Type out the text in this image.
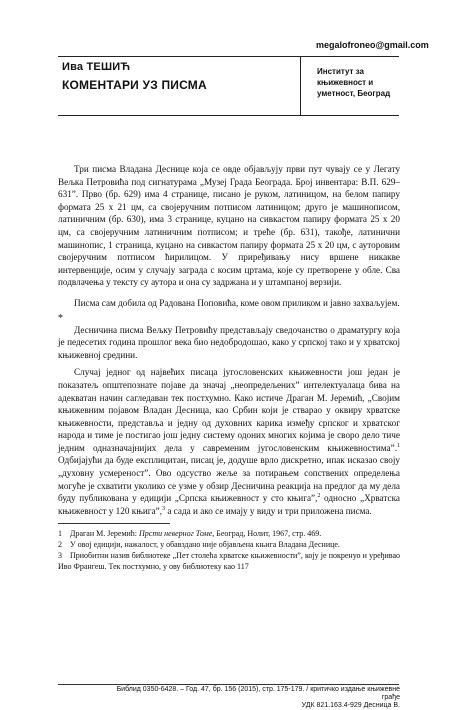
megalofroneo@gmail.com
Ива ТЕШИЋ
КОМЕНТАРИ УЗ ПИСМА
Институт за
књижевност и
уметност, Београд

Три писма Владана Деснице која се овде објављују први пут чувају се у Легату Вељка Петровића под сигнатурама „Музеј Града Београда. Број инвентара: В.П. 629–631”. Прво (бр. 629) има 4 странице, писано је руком, латиницом, на белом папиру формата 25 х 21 цм, са својеручним потписом латиницом; друго је машинописом, латиничним (бр. 630), има 3 странице, куцано на сивкастом папиру формата 25 х 20 цм, са својеручним латиничним потписом; и треће (бр. 631), такође, латинични машинопис, 1 страница, куцано на сивкастом папиру формата 25 х 20 цм, с ауторовим својеручним потписом ћирилицом. У приређивању нису вршене никакве интервенције, осим у случају заграда с косим цртама, које су претворене у обле. Сва подвлачења у тексту су аутора и она су задржана и у штампаној верзији.

Писма сам добила од Радована Поповића, коме овом приликом и јавно захваљујем.

*

Десничина писма Вељку Петровићу представљају сведочанство о драматургу која је педесетих година прошлог века био недобродошао, како у српској тако и у хрватској књижевној средини.

Случај једног од највећих писаца југословенских књижевности још један је показатељ општепознате појаве да значај „неопредељених” интелектуалаца бива на адекватан начин сагледаван тек постхумно. Како истиче Драган М. Јеремић, „Својим књижевним појавом Владан Десница, као Србин који је стварао у оквиру хрватске књижевности, представља и једну од духовних карика између српског и хрватског народа и тиме је постигао још једну систему одоних многих којима је своро дело тиче једним одназначајнијих дела у савременим југословенским књижевностима”.$^1$ Одбијајући да буде експлицитан, писац је, додуше врло дискретно, ипак исказао своју „духовну усмереност”. Ово одсуство жеље за потирањем сопствених определења могуће је схватити уколико се узме у обзир Десничина реакција на предлог да му дела буду публикована у едицији „Српска књижевност у сто књига”,$^2$ односно „Хрватска књижевност у 120 књига”,$^3$ а сада и ако се имају у виду и три приложена писма.

1 Драган М. Јеремић: Прсти неверног Томе, Београд, Нолит, 1967, стр. 469.
2 У овој едицији, нажалост, у обавздано није објављена књига Владана Деснице.
3 Приобитни назив библиотеке „Пет столећа хрватске књижевности”, коју је покренуо и уређивао Иво Франгеш. Тек постхумно, у ову библиотеку као 117
Библид 0350-6428. – Год. 47, бр. 156 (2015), стр. 175-179. / критичко издање књижевне грађе
УДК 821.163.4-929 Десница В.
